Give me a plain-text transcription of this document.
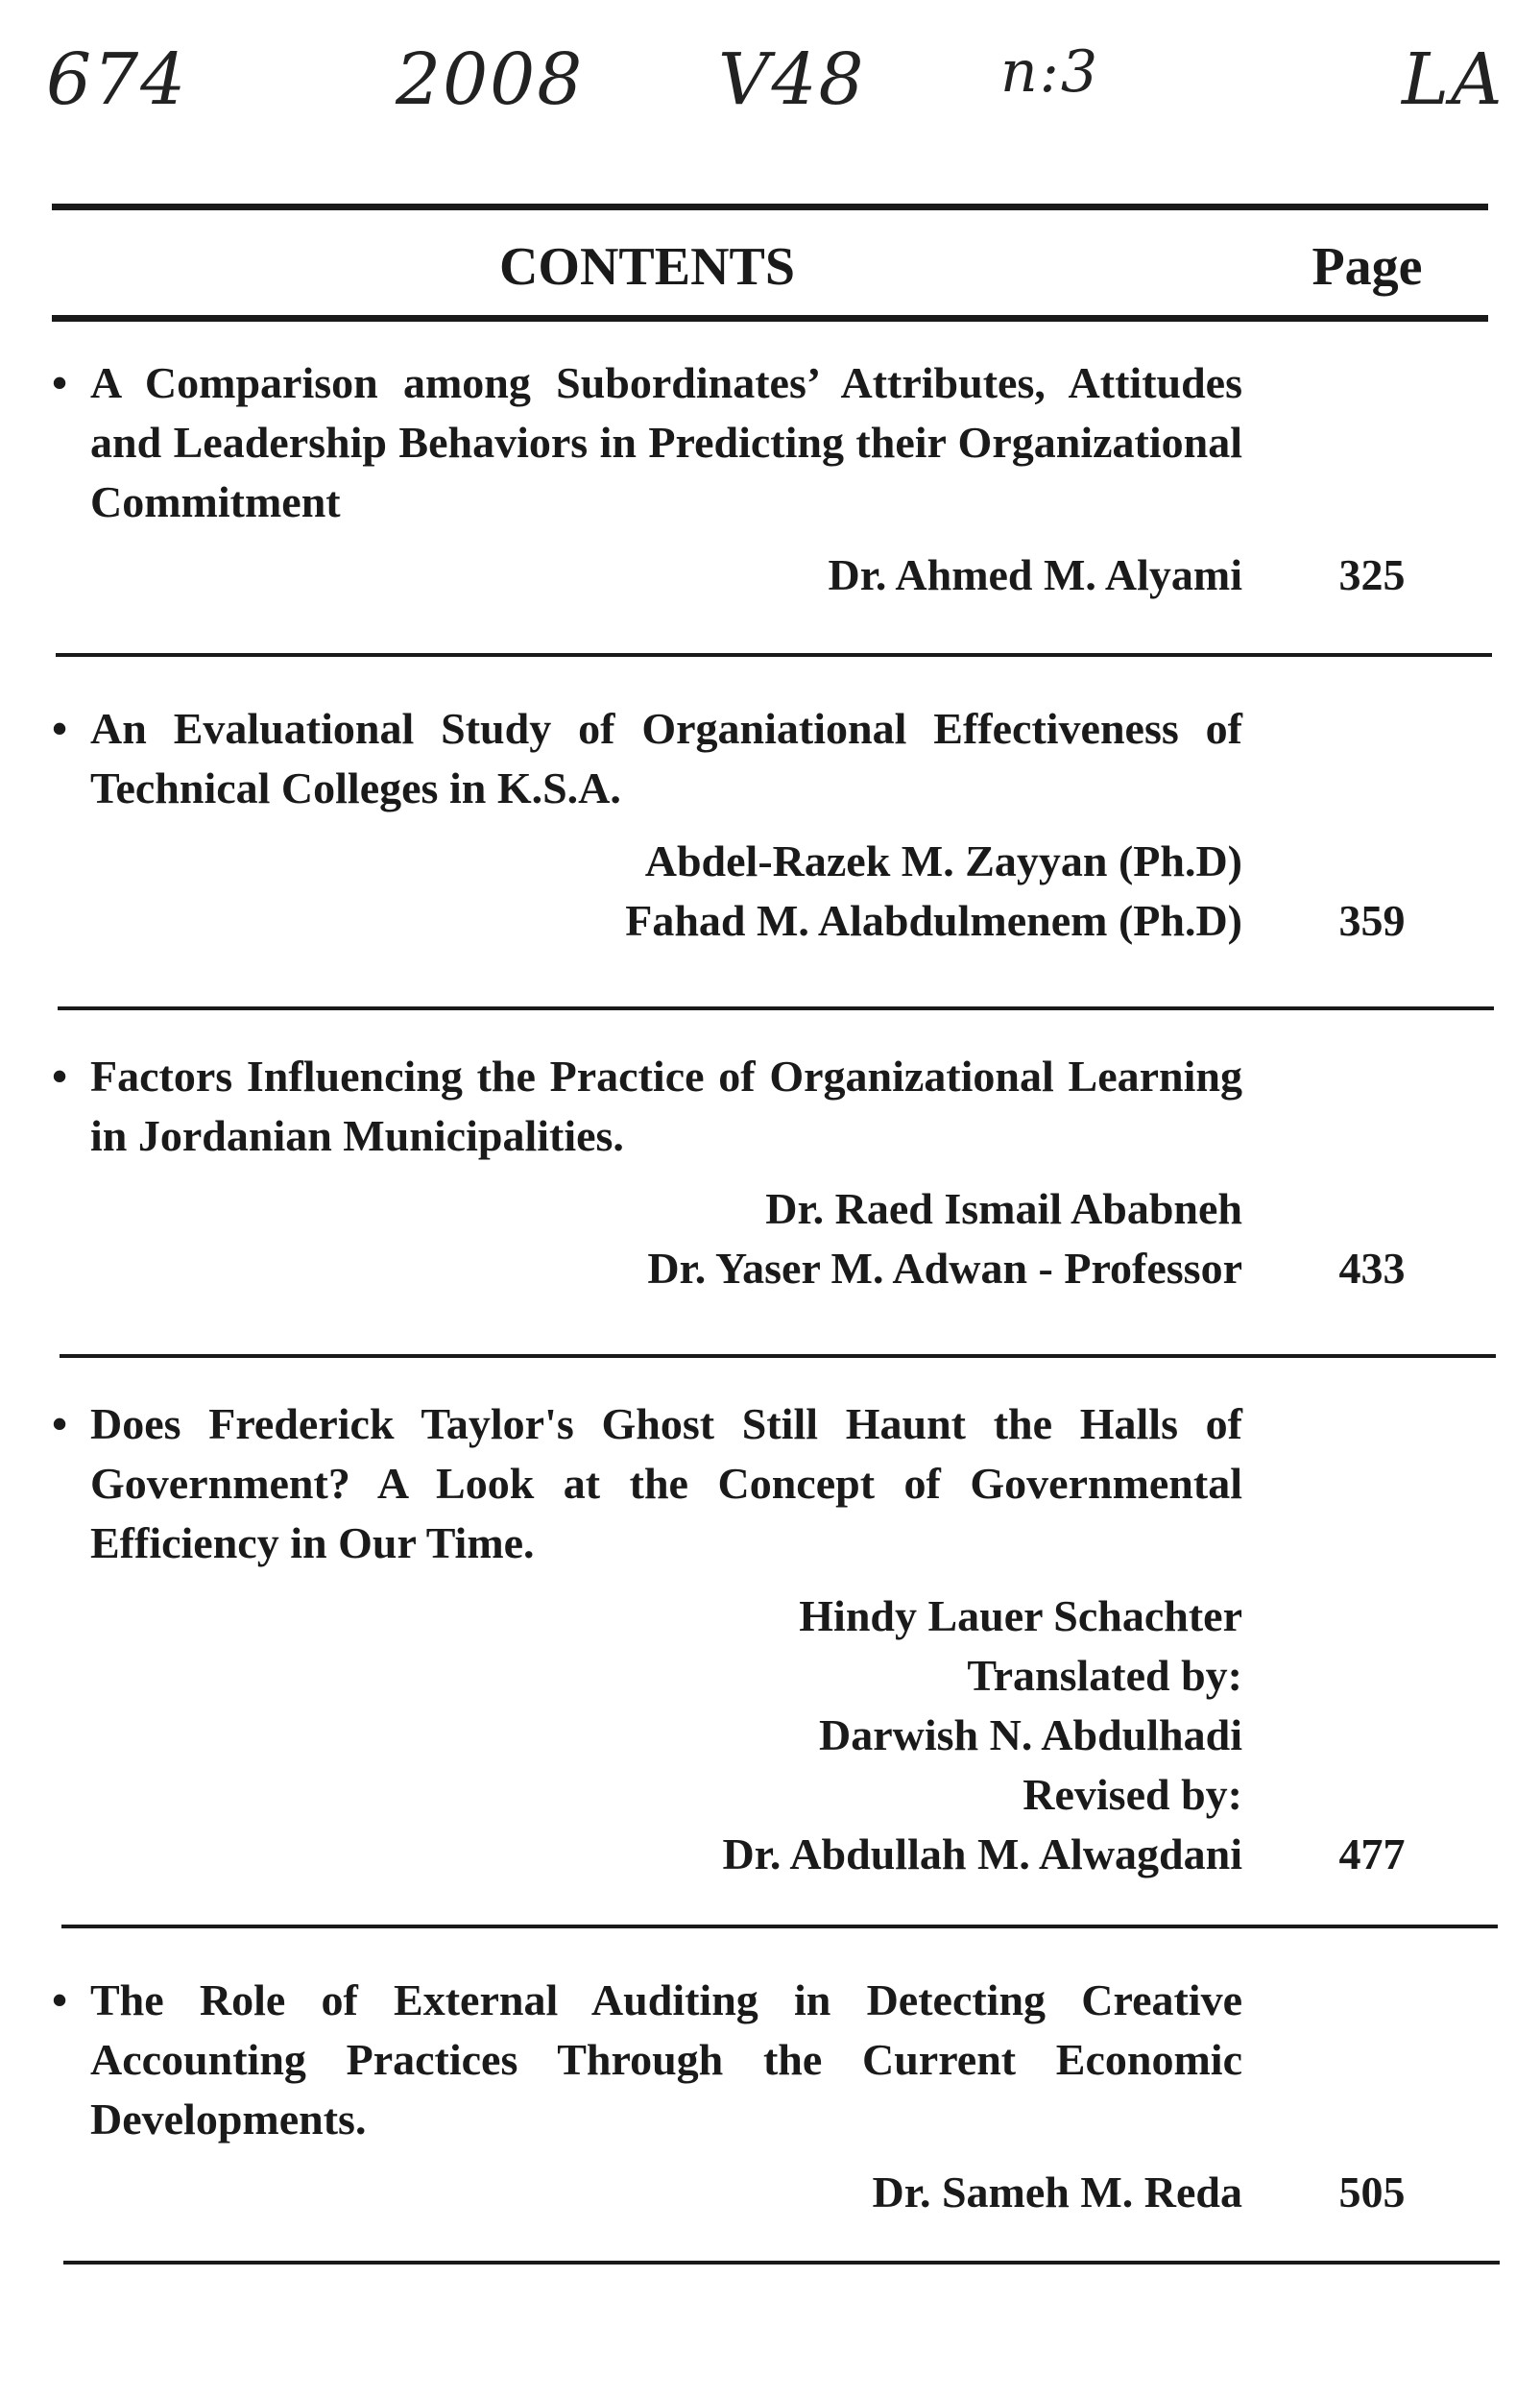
674	2008 V48 n:3	LA
CONTENTS	Page
• A Comparison among Subordinates’ Attributes, Attitudes and Leadership Behaviors in Predicting their Organizational Commitment
Dr. Ahmed M. Alyami	325
• An Evaluational Study of Organiational Effectiveness of Technical Colleges in K.S.A.
Abdel-Razek M. Zayyan (Ph.D)
Fahad M. Alabdulmenem (Ph.D)	359
• Factors Influencing the Practice of Organizational Learning in Jordanian Municipalities.
Dr. Raed Ismail Ababneh
Dr. Yaser M. Adwan - Professor	433
• Does Frederick Taylor's Ghost Still Haunt the Halls of Government? A Look at the Concept of Governmental Efficiency in Our Time.
Hindy Lauer Schachter
Translated by:
Darwish N. Abdulhadi
Revised by:
Dr. Abdullah M. Alwagdani	477
• The Role of External Auditing in Detecting Creative Accounting Practices Through the Current Economic Developments.
Dr. Sameh M. Reda	505
